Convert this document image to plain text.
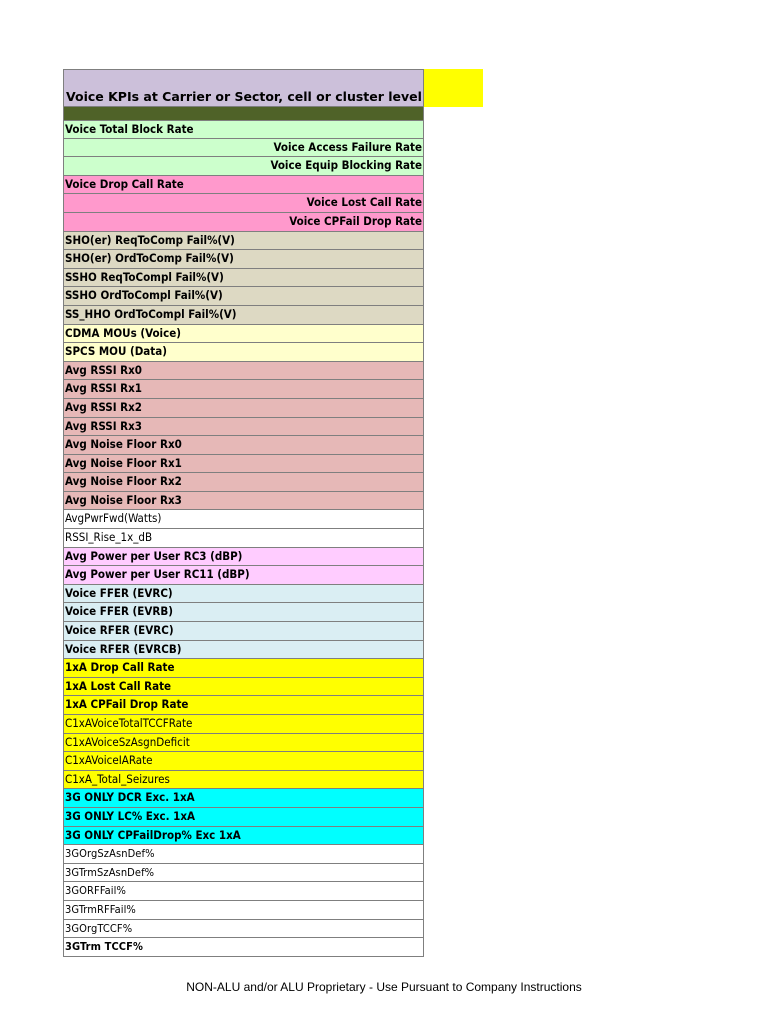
Voice KPIs at Carrier or Sector, cell or cluster level
Voice Total Block Rate
Voice Access Failure Rate
Voice Equip Blocking Rate
Voice Drop Call Rate
Voice Lost Call Rate
Voice CPFail Drop Rate
SHO(er) ReqToComp Fail%(V)
SHO(er) OrdToComp Fail%(V)
SSHO ReqToCompl Fail%(V)
SSHO OrdToCompl Fail%(V)
SS_HHO OrdToCompl Fail%(V)
CDMA MOUs (Voice)
SPCS MOU (Data)
Avg RSSI Rx0
Avg RSSI Rx1
Avg RSSI Rx2
Avg RSSI Rx3
Avg Noise Floor Rx0
Avg Noise Floor Rx1
Avg Noise Floor Rx2
Avg Noise Floor Rx3
AvgPwrFwd(Watts)
RSSI_Rise_1x_dB
Avg Power per User RC3 (dBP)
Avg Power per User RC11 (dBP)
Voice FFER (EVRC)
Voice FFER (EVRB)
Voice RFER (EVRC)
Voice RFER (EVRCB)
1xA Drop Call Rate
1xA Lost Call Rate
1xA CPFail Drop Rate
C1xAVoiceTotalTCCFRate
C1xAVoiceSzAsgnDeficit
C1xAVoiceIARate
C1xA_Total_Seizures
3G ONLY DCR Exc. 1xA
3G ONLY LC% Exc. 1xA
3G ONLY CPFailDrop% Exc 1xA
3GOrgSzAsnDef%
3GTrmSzAsnDef%
3GORFFail%
3GTrmRFFail%
3GOrgTCCF%
3GTrm TCCF%
NON-ALU and/or ALU Proprietary - Use Pursuant to Company Instructions
